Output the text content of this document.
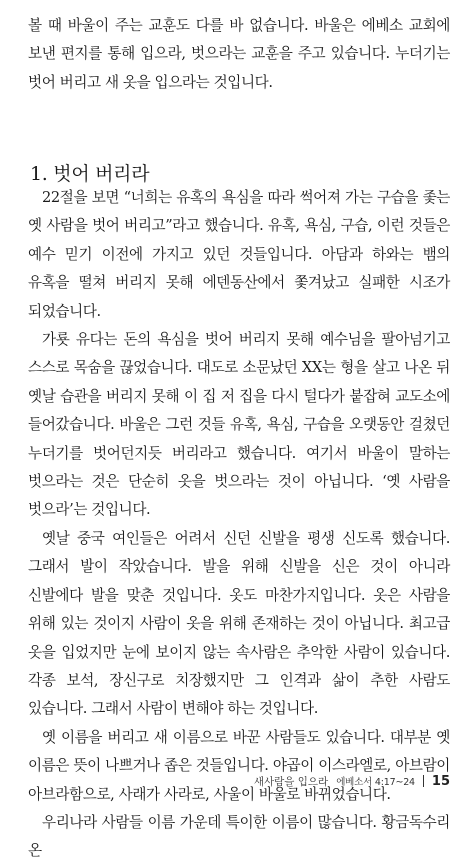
볼 때 바울이 주는 교훈도 다를 바 없습니다. 바울은 에베소 교회에 보낸 편지를 통해 입으라, 벗으라는 교훈을 주고 있습니다. 누더기는 벗어 버리고 새 옷을 입으라는 것입니다.

1. 벗어 버리라

22절을 보면 “너희는 유혹의 욕심을 따라 썩어져 가는 구습을 좇는 옛 사람을 벗어 버리고”라고 했습니다. 유혹, 욕심, 구습, 이런 것들은 예수 믿기 이전에 가지고 있던 것들입니다. 아담과 하와는 뱀의 유혹을 떨쳐 버리지 못해 에덴동산에서 쫓겨났고 실패한 시조가 되었습니다.

가룟 유다는 돈의 욕심을 벗어 버리지 못해 예수님을 팔아넘기고 스스로 목숨을 끊었습니다. 대도로 소문났던 XX는 형을 살고 나온 뒤 옛날 습관을 버리지 못해 이 집 저 집을 다시 털다가 붙잡혀 교도소에 들어갔습니다. 바울은 그런 것들 유혹, 욕심, 구습을 오랫동안 걸쳤던 누더기를 벗어던지듯 버리라고 했습니다. 여기서 바울이 말하는 벗으라는 것은 단순히 옷을 벗으라는 것이 아닙니다. ‘옛 사람을 벗으라’는 것입니다.

옛날 중국 여인들은 어려서 신던 신발을 평생 신도록 했습니다. 그래서 발이 작았습니다. 발을 위해 신발을 신은 것이 아니라 신발에다 발을 맞춘 것입니다. 옷도 마찬가지입니다. 옷은 사람을 위해 있는 것이지 사람이 옷을 위해 존재하는 것이 아닙니다. 최고급 옷을 입었지만 눈에 보이지 않는 속사람은 추악한 사람이 있습니다. 각종 보석, 장신구로 치장했지만 그 인격과 삶이 추한 사람도 있습니다. 그래서 사람이 변해야 하는 것입니다.

옛 이름을 버리고 새 이름으로 바꾼 사람들도 있습니다. 대부분 옛 이름은 뜻이 나쁘거나 좁은 것들입니다. 야곱이 이스라엘로, 아브람이 아브라함으로, 사래가 사라로, 사울이 바울로 바뀌었습니다.

우리나라 사람들 이름 가운데 특이한 이름이 많습니다. 황금독수리 온

새사람을 입으라 에베소서 4:17~24 15
